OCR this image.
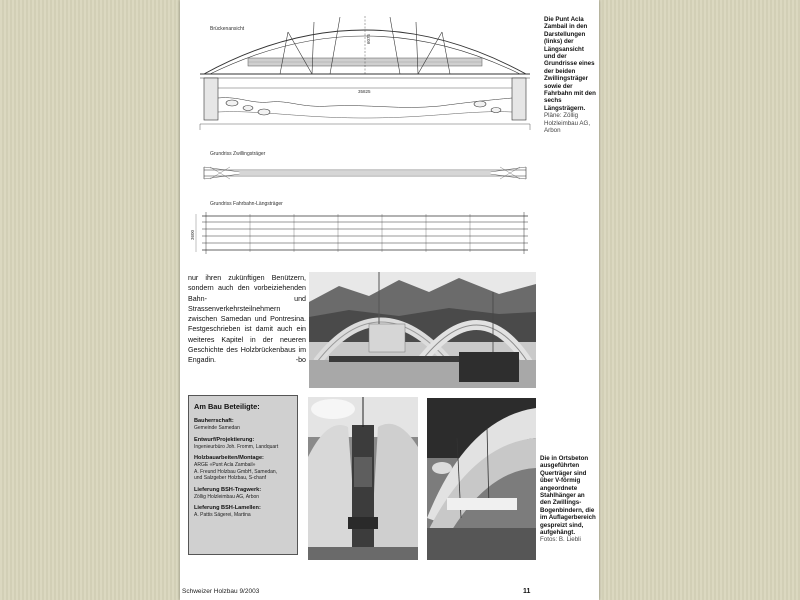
Brückenansicht
6075
35825
Grundriss Zwillingsträger
Grundriss Fahrbahn-Längsträger
3600
Die Punt Acla Zambail in den Darstellungen (links) der Längsansicht und der Grundrisse eines der beiden Zwillingsträger sowie der Fahrbahn mit den sechs Längsträgern.
Pläne: Zöllig Holzleimbau AG, Arbon
nur ihren zukünftigen Benützern, sondern auch den vorbeiziehenden Bahn- und Strassenverkehrsteilnehmern zwischen Samedan und Pontresina. Festgeschrieben ist damit auch ein weiteres Kapitel in der neueren Geschichte des Holzbrückenbaus im Engadin.	-bo
Am Bau Beteiligte:
Bauherrschaft:
Gemeinde Samedan
Entwurf/Projektierung:
Ingenieurbüro Joh. Fromm, Landquart
Holzbauarbeiten/Montage:
ARGE «Punt Acla Zambail»
A. Freund Holzbau GmbH, Samedan,
und Salzgeber Holzbau, S-chanf
Lieferung BSH-Tragwerk:
Zöllig Holzleimbau AG, Arbon
Lieferung BSH-Lamellen:
A. Pattis Sägerei, Martina
Die in Ortsbeton ausgeführten Querträger sind über V-förmig angeordnete Stahlhänger an den Zwillings-Bogenbindern, die im Auflagerbereich gespreizt sind, aufgehängt.
Fotos: B. Liebli
Schweizer Holzbau 9/2003	11
